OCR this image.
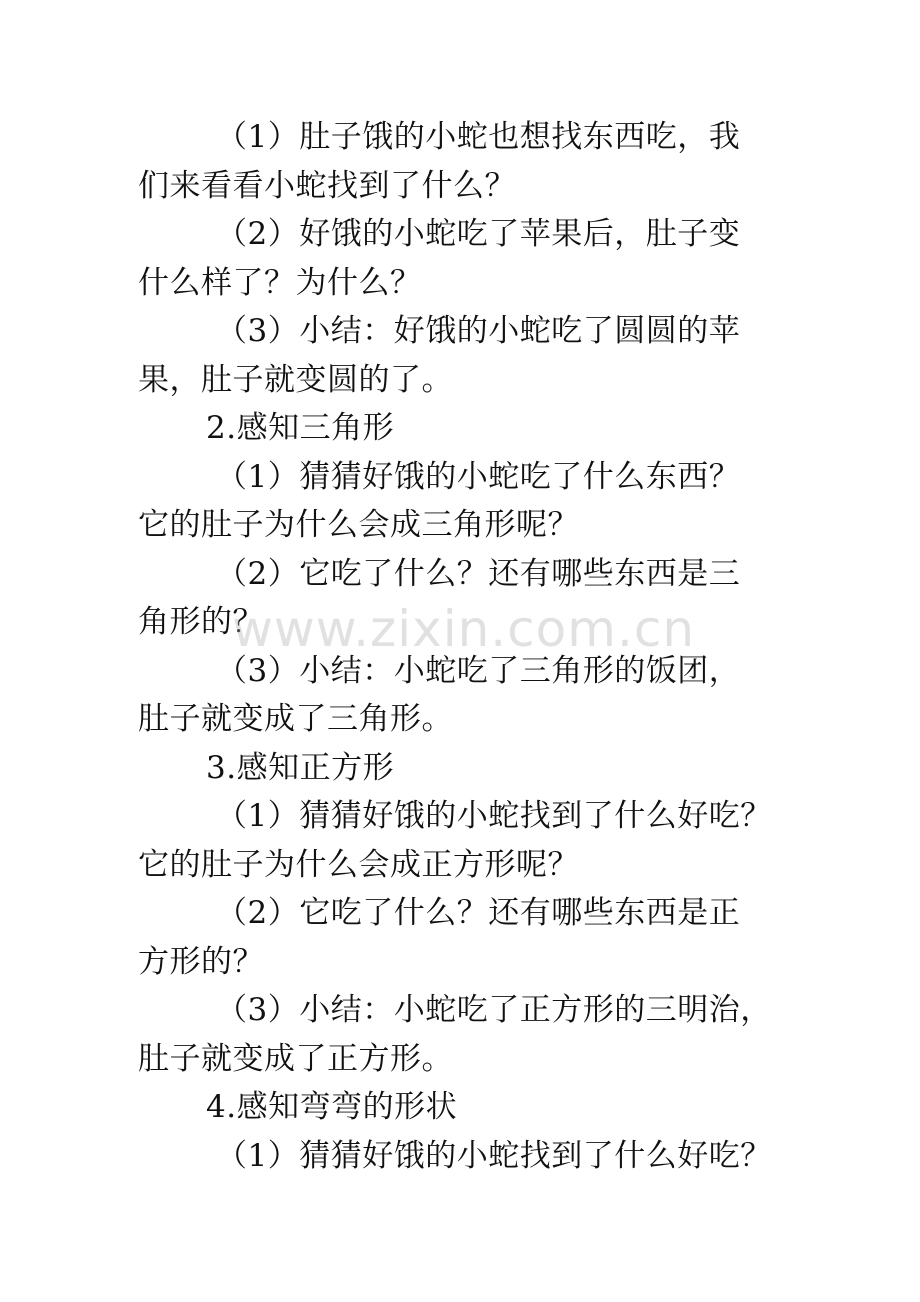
（1）肚子饿的小蛇也想找东西吃，我
们来看看小蛇找到了什么？
（2）好饿的小蛇吃了苹果后，肚子变
什么样了？为什么？
（3）小结：好饿的小蛇吃了圆圆的苹
果，肚子就变圆的了。
2.感知三角形
（1）猜猜好饿的小蛇吃了什么东西？
它的肚子为什么会成三角形呢？
（2）它吃了什么？还有哪些东西是三
角形的？
（3）小结：小蛇吃了三角形的饭团，
肚子就变成了三角形。
3.感知正方形
（1）猜猜好饿的小蛇找到了什么好吃？
它的肚子为什么会成正方形呢？
（2）它吃了什么？还有哪些东西是正
方形的？
（3）小结：小蛇吃了正方形的三明治，
肚子就变成了正方形。
4.感知弯弯的形状
（1）猜猜好饿的小蛇找到了什么好吃？
www.zixin.com.cn
